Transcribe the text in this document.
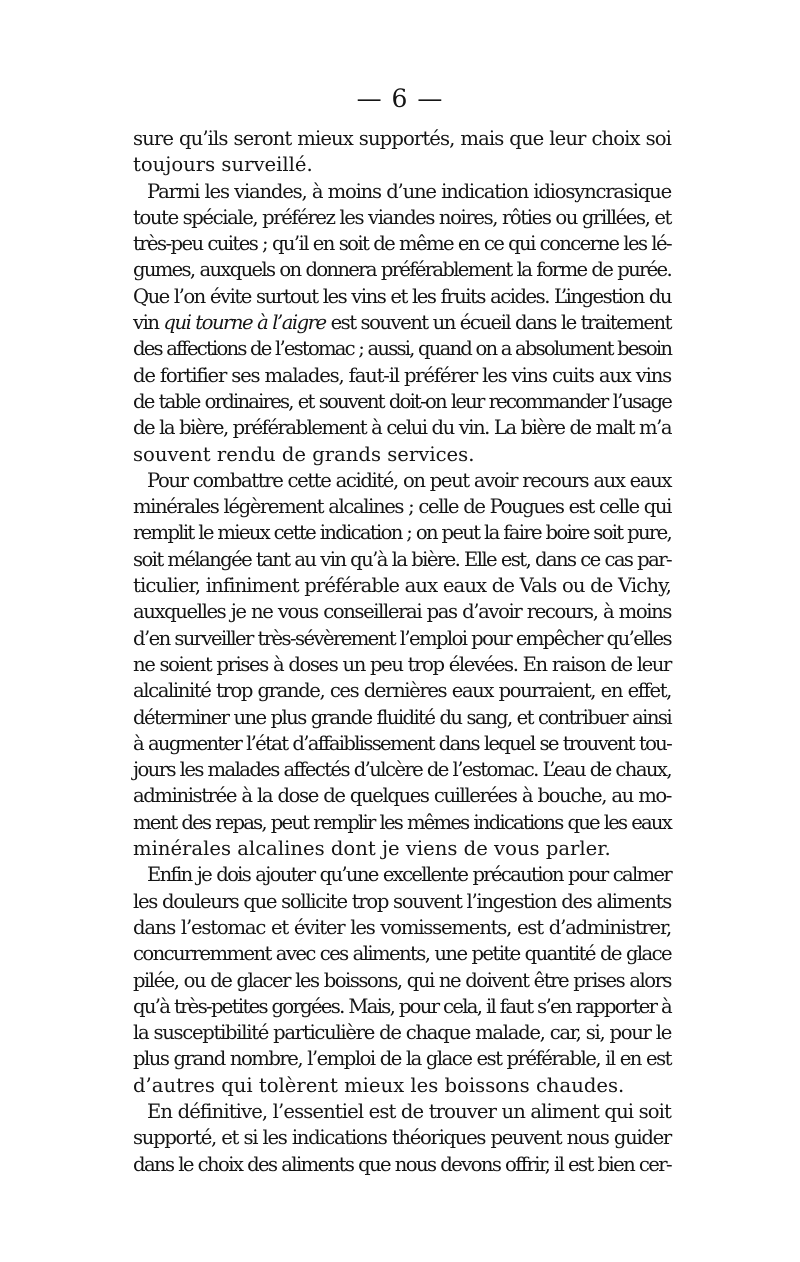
— 6 —
sure qu’ils seront mieux supportés, mais que leur choix soi
toujours surveillé.
Parmi les viandes, à moins d’une indication idiosyncrasique
toute spéciale, préférez les viandes noires, rôties ou grillées, et
très-peu cuites ; qu’il en soit de même en ce qui concerne les lé-
gumes, auxquels on donnera préférablement la forme de purée.
Que l’on évite surtout les vins et les fruits acides. L’ingestion du
vin qui tourne à l’aigre est souvent un écueil dans le traitement
des affections de l’estomac ; aussi, quand on a absolument besoin
de fortifier ses malades, faut-il préférer les vins cuits aux vins
de table ordinaires, et souvent doit-on leur recommander l’usage
de la bière, préférablement à celui du vin. La bière de malt m’a
souvent rendu de grands services.
Pour combattre cette acidité, on peut avoir recours aux eaux
minérales légèrement alcalines ; celle de Pougues est celle qui
remplit le mieux cette indication ; on peut la faire boire soit pure,
soit mélangée tant au vin qu’à la bière. Elle est, dans ce cas par-
ticulier, infiniment préférable aux eaux de Vals ou de Vichy,
auxquelles je ne vous conseillerai pas d’avoir recours, à moins
d’en surveiller très-sévèrement l’emploi pour empêcher qu’elles
ne soient prises à doses un peu trop élevées. En raison de leur
alcalinité trop grande, ces dernières eaux pourraient, en effet,
déterminer une plus grande fluidité du sang, et contribuer ainsi
à augmenter l’état d’affaiblissement dans lequel se trouvent tou-
jours les malades affectés d’ulcère de l’estomac. L’eau de chaux,
administrée à la dose de quelques cuillerées à bouche, au mo-
ment des repas, peut remplir les mêmes indications que les eaux
minérales alcalines dont je viens de vous parler.
Enfin je dois ajouter qu’une excellente précaution pour calmer
les douleurs que sollicite trop souvent l’ingestion des aliments
dans l’estomac et éviter les vomissements, est d’administrer,
concurremment avec ces aliments, une petite quantité de glace
pilée, ou de glacer les boissons, qui ne doivent être prises alors
qu’à très-petites gorgées. Mais, pour cela, il faut s’en rapporter à
la susceptibilité particulière de chaque malade, car, si, pour le
plus grand nombre, l’emploi de la glace est préférable, il en est
d’autres qui tolèrent mieux les boissons chaudes.
En définitive, l’essentiel est de trouver un aliment qui soit
supporté, et si les indications théoriques peuvent nous guider
dans le choix des aliments que nous devons offrir, il est bien cer-
